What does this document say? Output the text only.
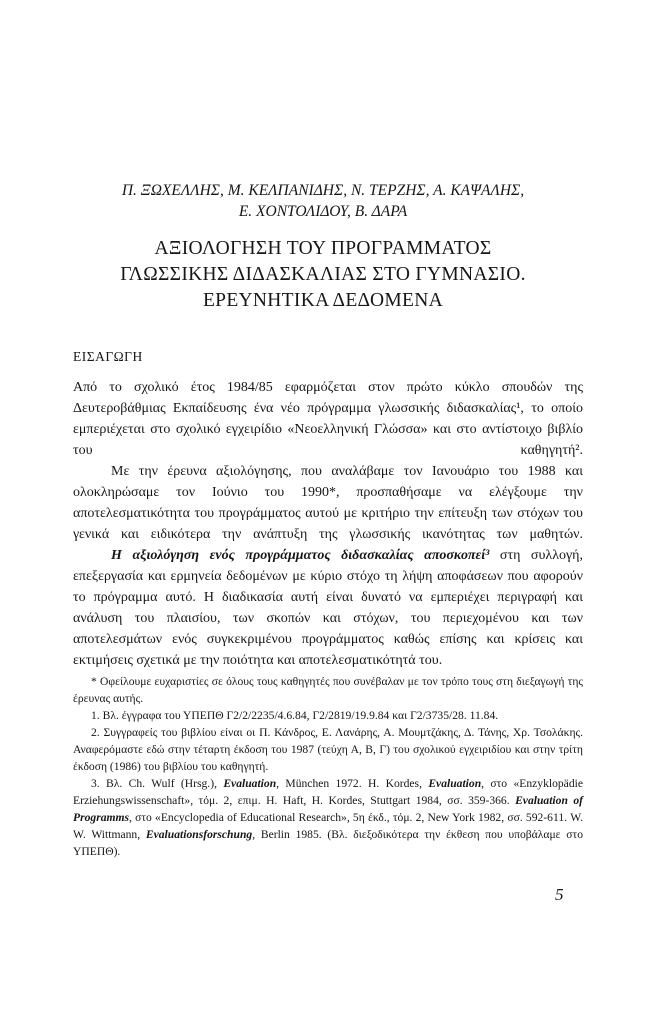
Π. ΞΩΧΕΛΛΗΣ, Μ. ΚΕΛΠΑΝΙΔΗΣ, Ν. ΤΕΡΖΗΣ, Α. ΚΑΨΑΛΗΣ,
Ε. ΧΟΝΤΟΛΙΔΟΥ, Β. ΔΑΡΑ
ΑΞΙΟΛΟΓΗΣΗ ΤΟΥ ΠΡΟΓΡΑΜΜΑΤΟΣ
ΓΛΩΣΣΙΚΗΣ ΔΙΔΑΣΚΑΛΙΑΣ ΣΤΟ ΓΥΜΝΑΣΙΟ.
ΕΡΕΥΝΗΤΙΚΑ ΔΕΔΟΜΕΝΑ
ΕΙΣΑΓΩΓΗ

Από το σχολικό έτος 1984/85 εφαρμόζεται στον πρώτο κύκλο σπουδών της Δευτεροβάθμιας Εκπαίδευσης ένα νέο πρόγραμμα γλωσσικής διδασκαλίας¹, το οποίο εμπεριέχεται στο σχολικό εγχειρίδιο «Νεοελληνική Γλώσσα» και στο αντίστοιχο βιβλίο του καθηγητή².

Με την έρευνα αξιολόγησης, που αναλάβαμε τον Ιανουάριο του 1988 και ολοκληρώσαμε τον Ιούνιο του 1990*, προσπαθήσαμε να ελέγξουμε την αποτελεσματικότητα του προγράμματος αυτού με κριτήριο την επίτευξη των στόχων του γενικά και ειδικότερα την ανάπτυξη της γλωσσικής ικανότητας των μαθητών.

Η αξιολόγηση ενός προγράμματος διδασκαλίας αποσκοπεί³ στη συλλογή, επεξεργασία και ερμηνεία δεδομένων με κύριο στόχο τη λήψη αποφάσεων που αφορούν το πρόγραμμα αυτό. Η διαδικασία αυτή είναι δυνατό να εμπεριέχει περιγραφή και ανάλυση του πλαισίου, των σκοπών και στόχων, του περιεχομένου και των αποτελεσμάτων ενός συγκεκριμένου προγράμματος καθώς επίσης και κρίσεις και εκτιμήσεις σχετικά με την ποιότητα και αποτελεσματικότητά του.

* Οφείλουμε ευχαριστίες σε όλους τους καθηγητές που συνέβαλαν με τον τρόπο τους στη διεξαγωγή της έρευνας αυτής.

1. Βλ. έγγραφα του ΥΠΕΠΘ Γ2/2/2235/4.6.84, Γ2/2819/19.9.84 και Γ2/3735/28. 11.84.

2. Συγγραφείς του βιβλίου είναι οι Π. Κάνδρος, Ε. Λανάρης, Α. Μουμτζάκης, Δ. Τάνης, Χρ. Τσολάκης. Αναφερόμαστε εδώ στην τέταρτη έκδοση του 1987 (τεύχη Α, Β, Γ) του σχολικού εγχειριδίου και στην τρίτη έκδοση (1986) του βιβλίου του καθηγητή.

3. Βλ. Ch. Wulf (Hrsg.), Evaluation, München 1972. H. Kordes, Evaluation, στο «Enzyklopädie Erziehungswissenschaft», τόμ. 2, επιμ. H. Haft, H. Kordes, Stuttgart 1984, σσ. 359-366. Evaluation of Programms, στο «Encyclopedia of Educational Research», 5η έκδ., τόμ. 2, New York 1982, σσ. 592-611. W. W. Wittmann, Evaluationsforschung, Berlin 1985. (Βλ. διεξοδικότερα την έκθεση που υποβάλαμε στο ΥΠΕΠΘ).

5
